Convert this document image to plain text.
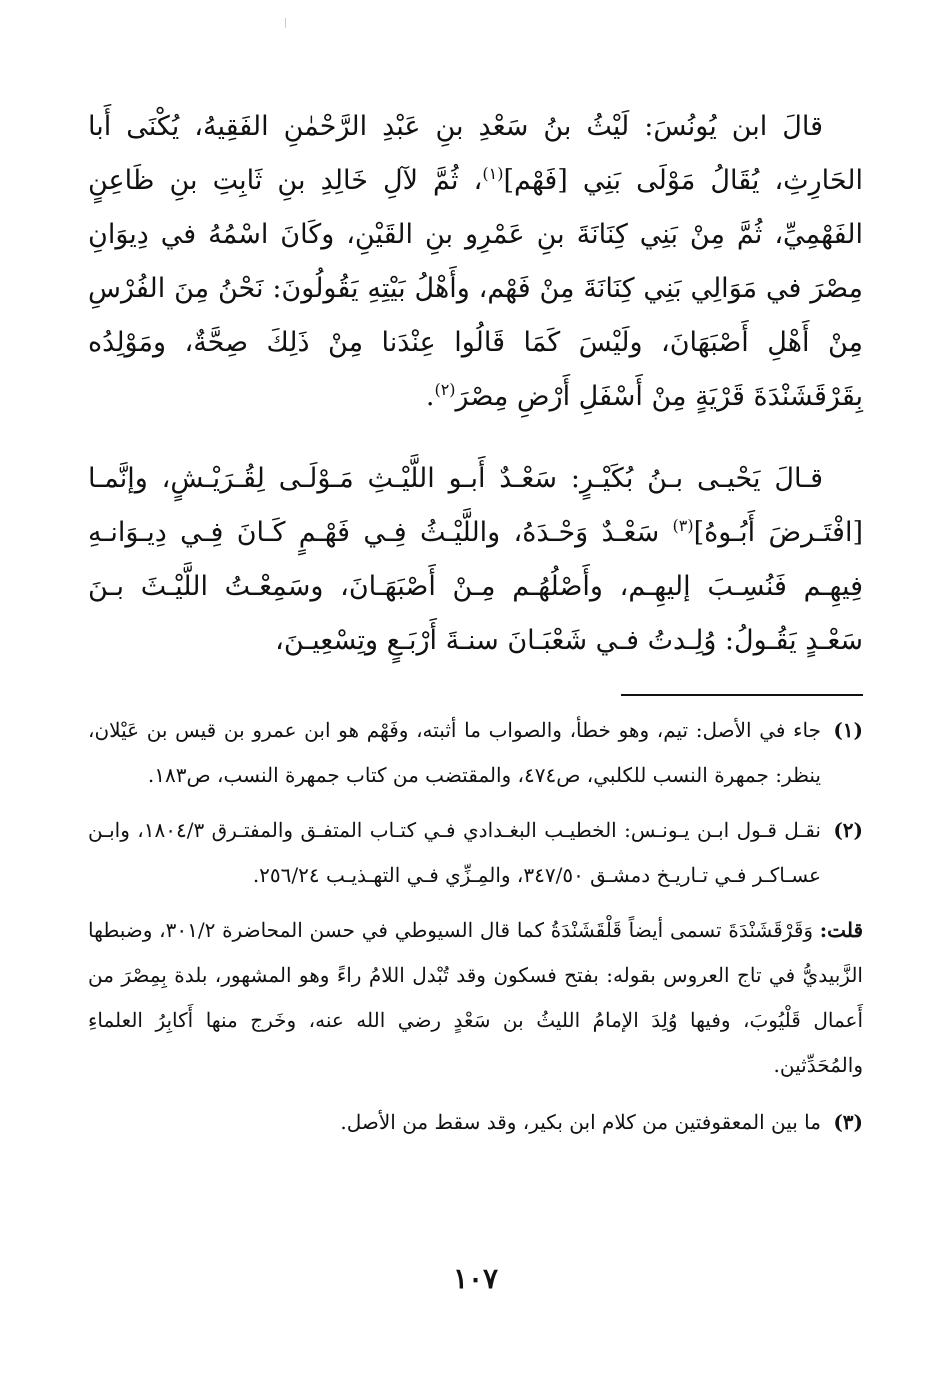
قالَ ابن يُونُسَ: لَيْثُ بنُ سَعْدِ بنِ عَبْدِ الرَّحْمٰنِ الفَقِيهُ، يُكْنَى أَبا الحَارِثِ، يُقَالُ مَوْلَى بَنِي [فَهْم]$^{(١)}$، ثُمَّ لآلِ خَالِدِ بنِ ثَابِتِ بنِ ظَاعِنٍ الفَهْمِيِّ، ثُمَّ مِنْ بَنِي كِنَانَةَ بنِ عَمْرِو بنِ القَيْنِ، وكَانَ اسْمُهُ في دِيوَانِ مِصْرَ في مَوَالِي بَنِي كِنَانَةَ مِنْ فَهْم، وأَهْلُ بَيْتِهِ يَقُولُونَ: نَحْنُ مِنَ الفُرْسِ مِنْ أَهْلِ أَصْبَهَانَ، ولَيْسَ كَمَا قَالُوا عِنْدَنا مِنْ ذَلِكَ صِحَّةٌ، ومَوْلِدُه بِقَرْقَشَنْدَةَ قَرْيَةٍ مِنْ أَسْفَلِ أَرْضِ مِصْرَ$^{(٢)}$.

قـالَ يَحْيـى بـنُ بُكَيْـرٍ: سَعْـدٌ أَبـو اللَّيْـثِ مَـوْلَـى لِقُـرَيْـشٍ، وإنَّمـا [افْتَـرضَ أَبُـوهُ]$^{(٣)}$ سَعْـدٌ وَحْـدَهُ، واللَّيْـثُ فِـي فَهْـمٍ كَـانَ فِـي دِيـوَانـهِ فِيهِـم فَنُسِـبَ إليهِـم، وأَصْلُهُـم مِـنْ أَصْبَهَـانَ، وسَمِعْـتُ اللَّيْـثَ بـنَ سَعْـدٍ يَقُـولُ: وُلِـدتُ فـي شَعْبَـانَ سنـةَ أَرْبَـعٍ وتِسْعِيـنَ،

(١)
جاء في الأصل: تيم، وهو خطأ، والصواب ما أثبته، وفَهْم هو ابن عمرو بن قيس بن عَيْلان، ينظر: جمهرة النسب للكلبي، ص٤٧٤، والمقتضب من كتاب جمهرة النسب، ص١٨٣.
(٢)
نقـل قـول ابـن يـونـس: الخطيـب البغـدادي فـي كتـاب المتفـق والمفتـرق ١٨٠٤/٣، وابـن عسـاكـر فـي تـاريـخ دمشـق ٣٤٧/٥٠، والمِـزِّي فـي التهـذيـب ٢٥٦/٢٤.

قلت: وَقَرْقَشَنْدَةَ تسمى أيضاً قَلْقَشَنْدَةُ كما قال السيوطي في حسن المحاضرة ٣٠١/٢، وضبطها الزَّبيديُّ في تاج العروس بقوله: بفتح فسكون وقد تُبْدل اللامُ راءً وهو المشهور، بلدة بِمِصْرَ من أَعمال قَلْيُوبَ، وفيها وُلِدَ الإمامُ الليثُ بن سَعْدٍ رضي الله عنه، وخَرج منها أَكابِرُ العلماءِ والمُحَدِّثين.

(٣)
ما بين المعقوفتين من كلام ابن بكير، وقد سقط من الأصل.
١٠٧
